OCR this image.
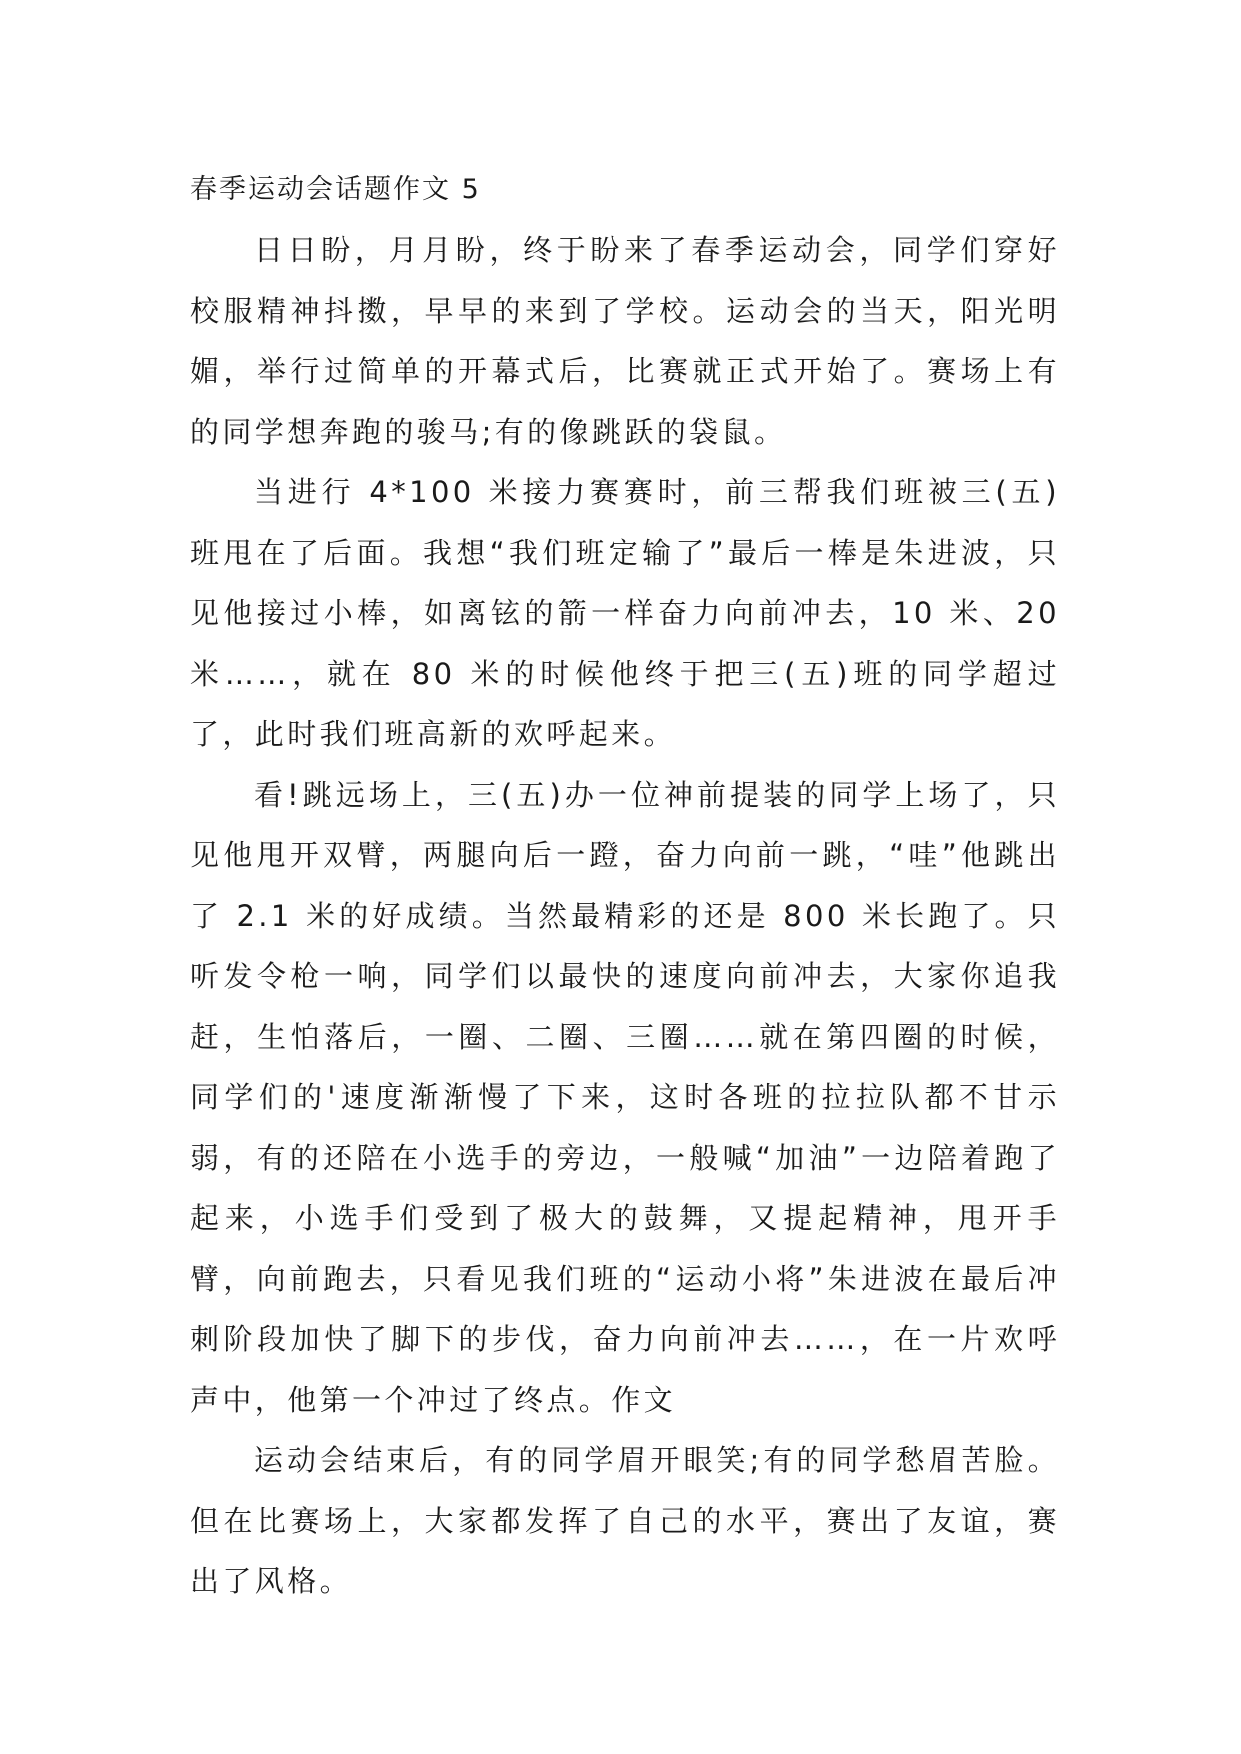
春季运动会话题作文 5

日日盼，月月盼，终于盼来了春季运动会，同学们穿好校服精神抖擞，早早的来到了学校。运动会的当天，阳光明媚，举行过简单的开幕式后，比赛就正式开始了。赛场上有的同学想奔跑的骏马;有的像跳跃的袋鼠。

当进行 4*100 米接力赛赛时，前三帮我们班被三(五)班甩在了后面。我想“我们班定输了”最后一棒是朱进波，只见他接过小棒，如离铉的箭一样奋力向前冲去，10 米、20 米……，就在 80 米的时候他终于把三(五)班的同学超过了，此时我们班高新的欢呼起来。

看!跳远场上，三(五)办一位神前提装的同学上场了，只见他甩开双臂，两腿向后一蹬，奋力向前一跳，“哇”他跳出了 2.1 米的好成绩。当然最精彩的还是 800 米长跑了。只听发令枪一响，同学们以最快的速度向前冲去，大家你追我赶，生怕落后，一圈、二圈、三圈……就在第四圈的时候，同学们的'速度渐渐慢了下来，这时各班的拉拉队都不甘示弱，有的还陪在小选手的旁边，一般喊“加油”一边陪着跑了起来，小选手们受到了极大的鼓舞，又提起精神，甩开手臂，向前跑去，只看见我们班的“运动小将”朱进波在最后冲刺阶段加快了脚下的步伐，奋力向前冲去……，在一片欢呼声中，他第一个冲过了终点。作文

运动会结束后，有的同学眉开眼笑;有的同学愁眉苦脸。但在比赛场上，大家都发挥了自己的水平，赛出了友谊，赛出了风格。
